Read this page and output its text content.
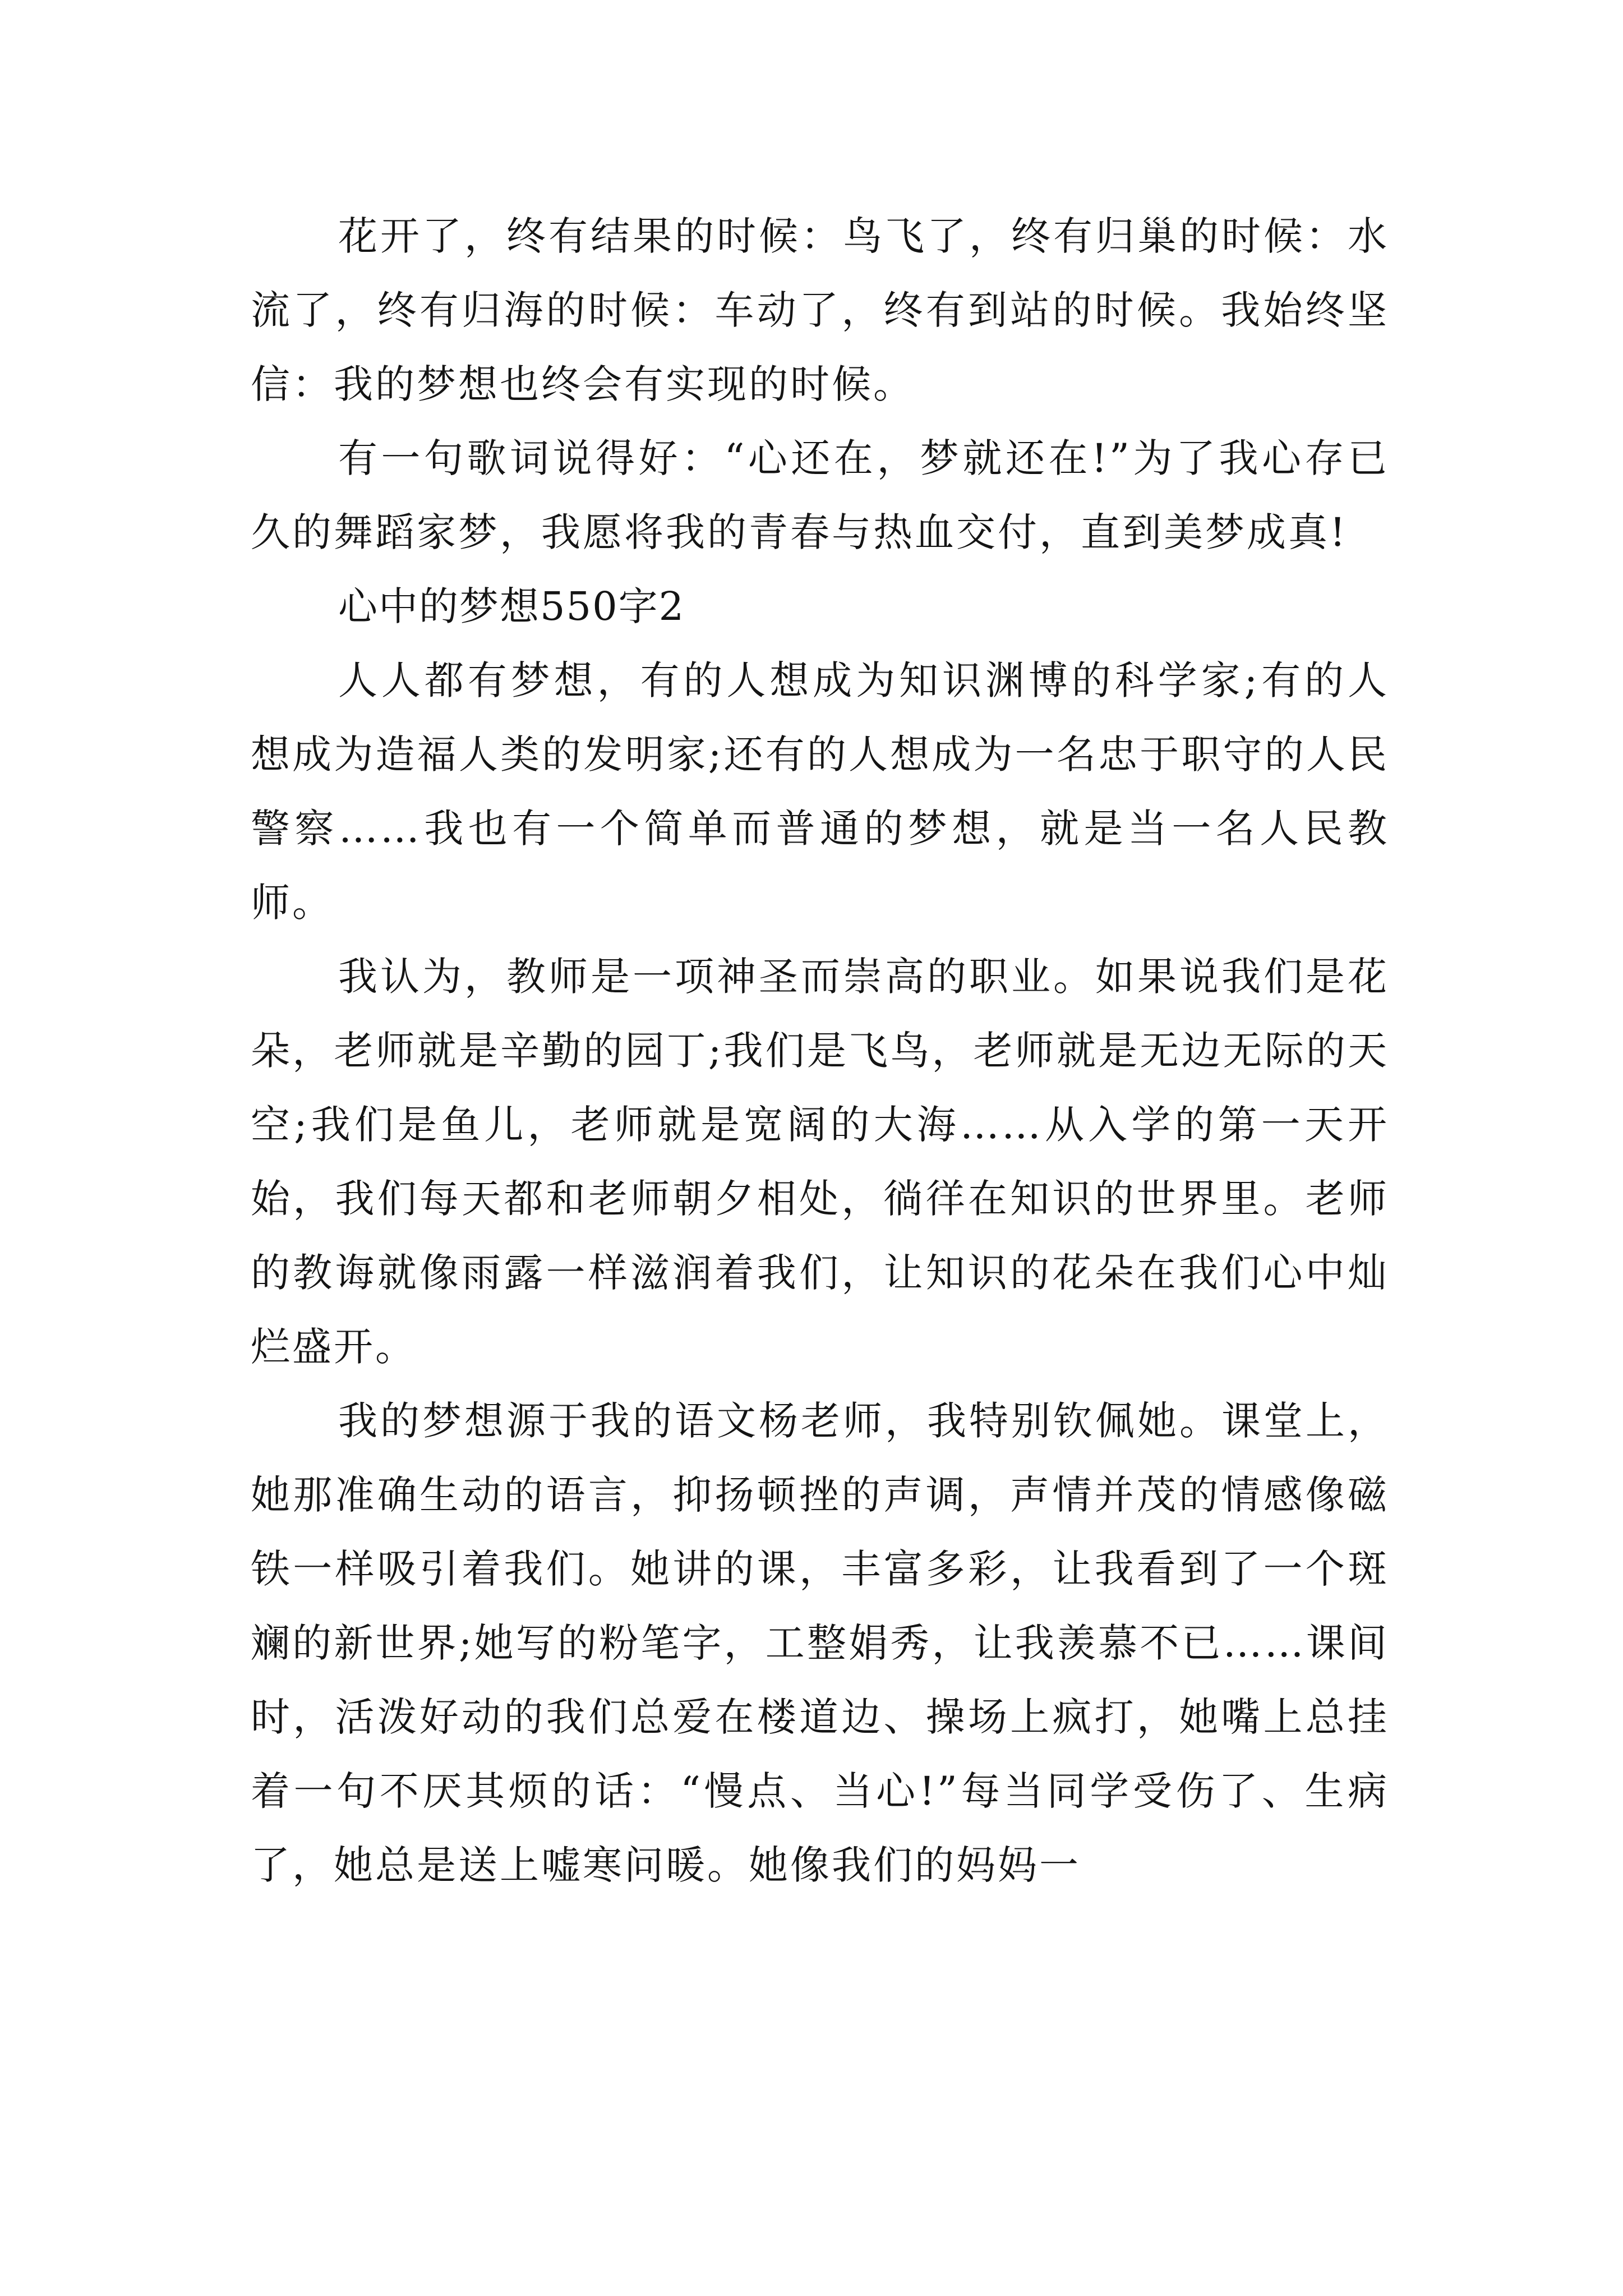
花开了，终有结果的时候：鸟飞了，终有归巢的时候：水流了，终有归海的时候：车动了，终有到站的时候。我始终坚信：我的梦想也终会有实现的时候。

有一句歌词说得好：“心还在，梦就还在!”为了我心存已久的舞蹈家梦，我愿将我的青春与热血交付，直到美梦成真!

心中的梦想550字2

人人都有梦想，有的人想成为知识渊博的科学家;有的人想成为造福人类的发明家;还有的人想成为一名忠于职守的人民警察……我也有一个简单而普通的梦想，就是当一名人民教师。

我认为，教师是一项神圣而崇高的职业。如果说我们是花朵，老师就是辛勤的园丁;我们是飞鸟，老师就是无边无际的天空;我们是鱼儿，老师就是宽阔的大海……从入学的第一天开始，我们每天都和老师朝夕相处，徜徉在知识的世界里。老师的教诲就像雨露一样滋润着我们，让知识的花朵在我们心中灿烂盛开。

我的梦想源于我的语文杨老师，我特别钦佩她。课堂上，她那准确生动的语言，抑扬顿挫的声调，声情并茂的情感像磁铁一样吸引着我们。她讲的课，丰富多彩，让我看到了一个斑斓的新世界;她写的粉笔字，工整娟秀，让我羡慕不已……课间时，活泼好动的我们总爱在楼道边、操场上疯打，她嘴上总挂着一句不厌其烦的话：“慢点、当心!”每当同学受伤了、生病了，她总是送上嘘寒问暖。她像我们的妈妈一
